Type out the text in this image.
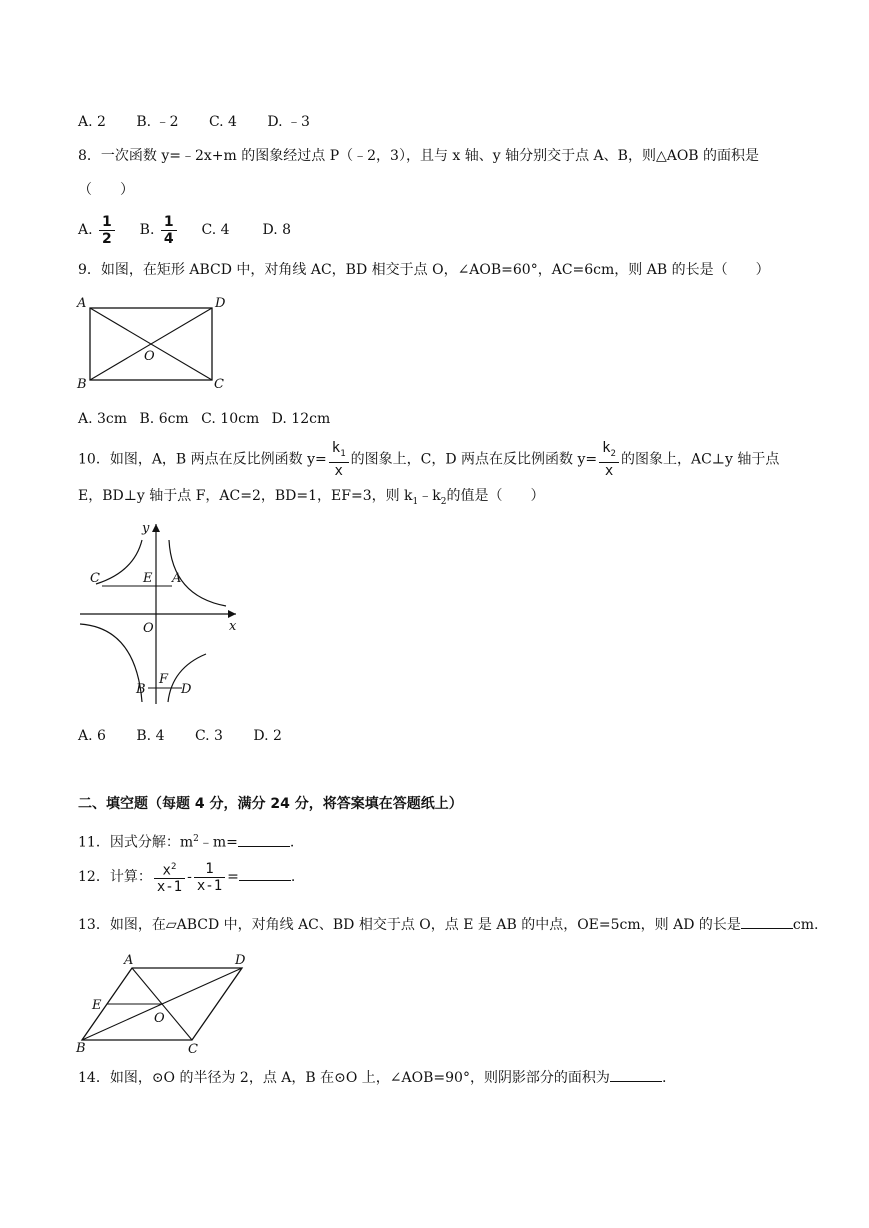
A. 2 B. ﹣2 C. 4 D. ﹣3
8．一次函数 y=﹣2x+m 的图象经过点 P（﹣2，3），且与 x 轴、y 轴分别交于点 A、B，则△AOB 的面积是
（　　）
A. $\frac{1}{2} B$. $\frac{1}{4} C$. 4 D. 8
9．如图，在矩形 ABCD 中，对角线 AC，BD 相交于点 O，∠AOB=60°，AC=6cm，则 AB 的长是（　　）
A	D
O
B	C
A. 3cm B. 6cm C. 10cm D. 12cm
10．如图，A，B 两点在反比例函数 $y= \frac{k_1}{x}$ 的图象上，C，D 两点在反比例函数 $y= \frac{k_2}{x}$ 的图象上，AC⊥y 轴于点
E，BD⊥y 轴于点 F，AC=2，BD=1，EF=3，则 $k_1﹣k_2$的值是（　　）
y
x
C	E A
O
B
F
D
A. 6 B. 4 C. 3 D. 2
二、填空题（每题 4 分，满分 24 分，将答案填在答题纸上）
11．因式分解：$m^2﹣m=$	.
12．计算： $\frac{x^2}{x-1} - \frac{1}{x-1}$ =	.
13．如图，在▱ABCD 中，对角线 AC、BD 相交于点 O，点 E 是 AB 的中点，OE=5cm，则 AD 的长是	cm.
A	D
E
O
B	C
14．如图，⊙O 的半径为 2，点 A，B 在⊙O 上，∠AOB=90°，则阴影部分的面积为	.
